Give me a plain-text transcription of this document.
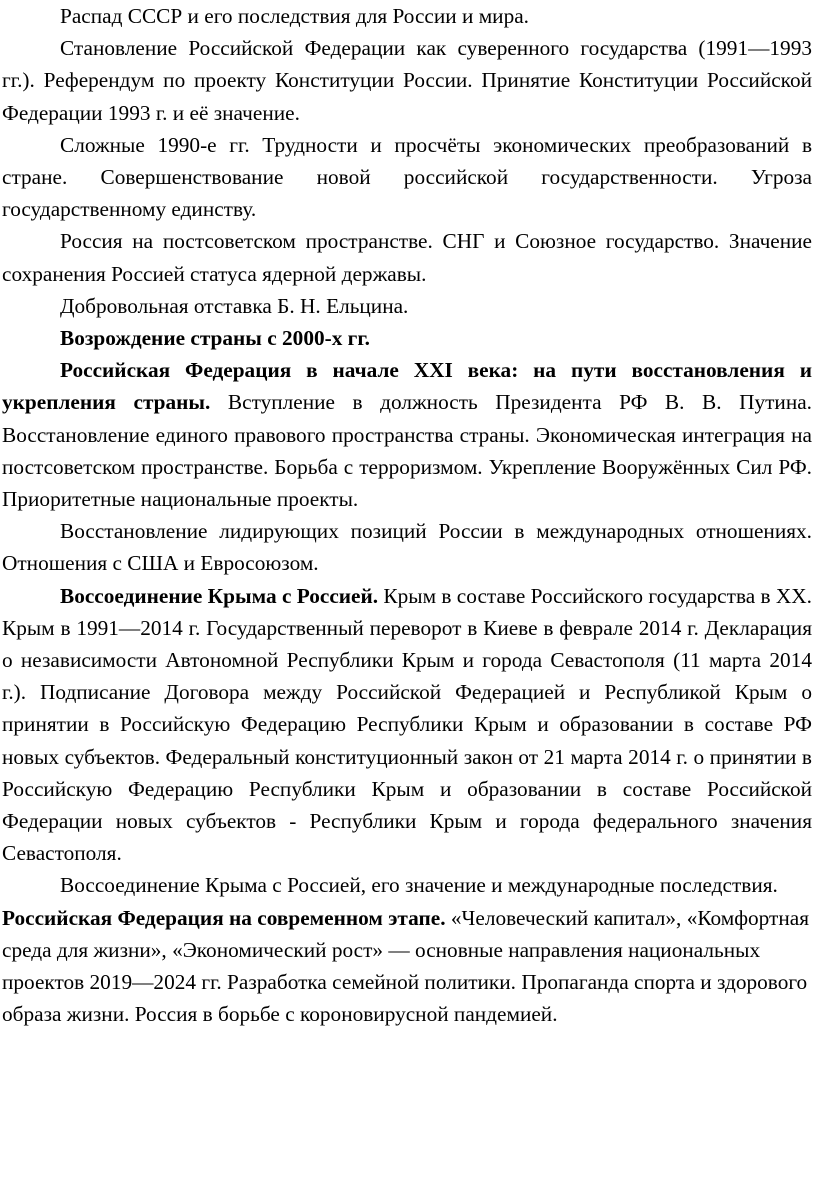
Распад СССР и его последствия для России и мира.

Становление Российской Федерации как суверенного государства (1991—1993 гг.). Референдум по проекту Конституции России. Принятие Конституции Российской Федерации 1993 г. и её значение.

Сложные 1990-е гг. Трудности и просчёты экономических преобразований в стране. Совершенствование новой российской государственности. Угроза государственному единству.

Россия на постсоветском пространстве. СНГ и Союзное государство. Значение сохранения Россией статуса ядерной державы.

Добровольная отставка Б. Н. Ельцина.

Возрождение страны с 2000-х гг.

Российская Федерация в начале XXI века: на пути восстановления и укрепления страны. Вступление в должность Президента РФ В. В. Путина. Восстановление единого правового пространства страны. Экономическая интеграция на постсоветском пространстве. Борьба с терроризмом. Укрепление Вооружённых Сил РФ. Приоритетные национальные проекты.

Восстановление лидирующих позиций России в международных отношениях. Отношения с США и Евросоюзом.

Воссоединение Крыма с Россией. Крым в составе Российского государства в XX. Крым в 1991—2014 г. Государственный переворот в Киеве в феврале 2014 г. Декларация о независимости Автономной Республики Крым и города Севастополя (11 марта 2014 г.). Подписание Договора между Российской Федерацией и Республикой Крым о принятии в Российскую Федерацию Республики Крым и образовании в составе РФ новых субъектов. Федеральный конституционный закон от 21 марта 2014 г. о принятии в Российскую Федерацию Республики Крым и образовании в составе Российской Федерации новых субъектов - Республики Крым и города федерального значения Севастополя.

Воссоединение Крыма с Россией, его значение и международные последствия.

Российская Федерация на современном этапе. «Человеческий капитал», «Комфортная среда для жизни», «Экономический рост» — основные направления национальных проектов 2019—2024 гг. Разработка семейной политики. Пропаганда спорта и здорового образа жизни. Россия в борьбе с короновирусной пандемией.
